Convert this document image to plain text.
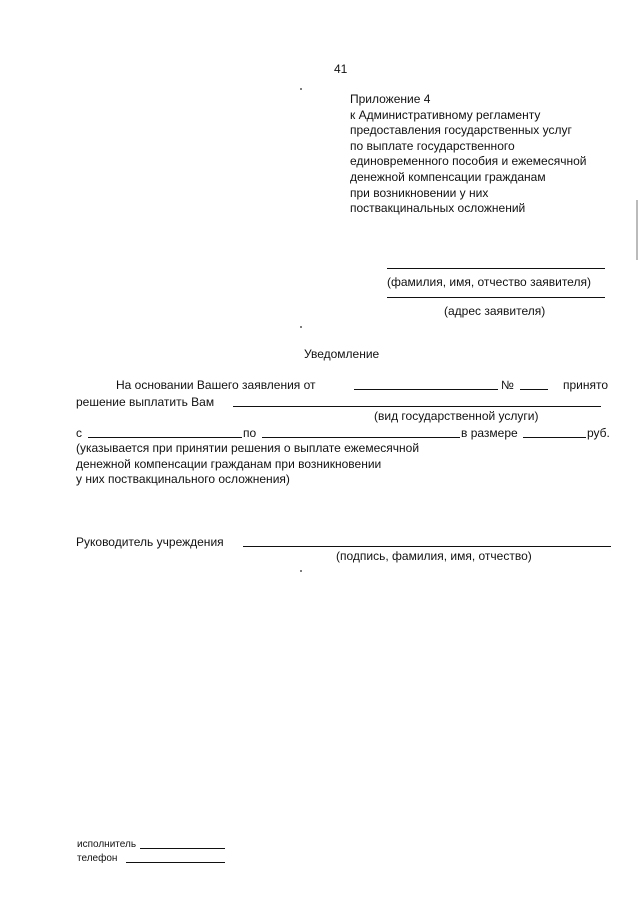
41
Приложение 4
к Административному регламенту
предоставления государственных услуг
по выплате государственного
единовременного пособия и ежемесячной
денежной компенсации гражданам
при возникновении у них
поствакцинальных осложнений
(фамилия, имя, отчество заявителя)
(адрес заявителя)
Уведомление
На основании Вашего заявления от	№	принято
решение выплатить Вам
(вид государственной услуги)
с	по	в размере	руб.
(указывается при принятии решения о выплате ежемесячной
денежной компенсации гражданам при возникновении
у них поствакцинального осложнения)
Руководитель учреждения
(подпись, фамилия, имя, отчество)
исполнитель
телефон
